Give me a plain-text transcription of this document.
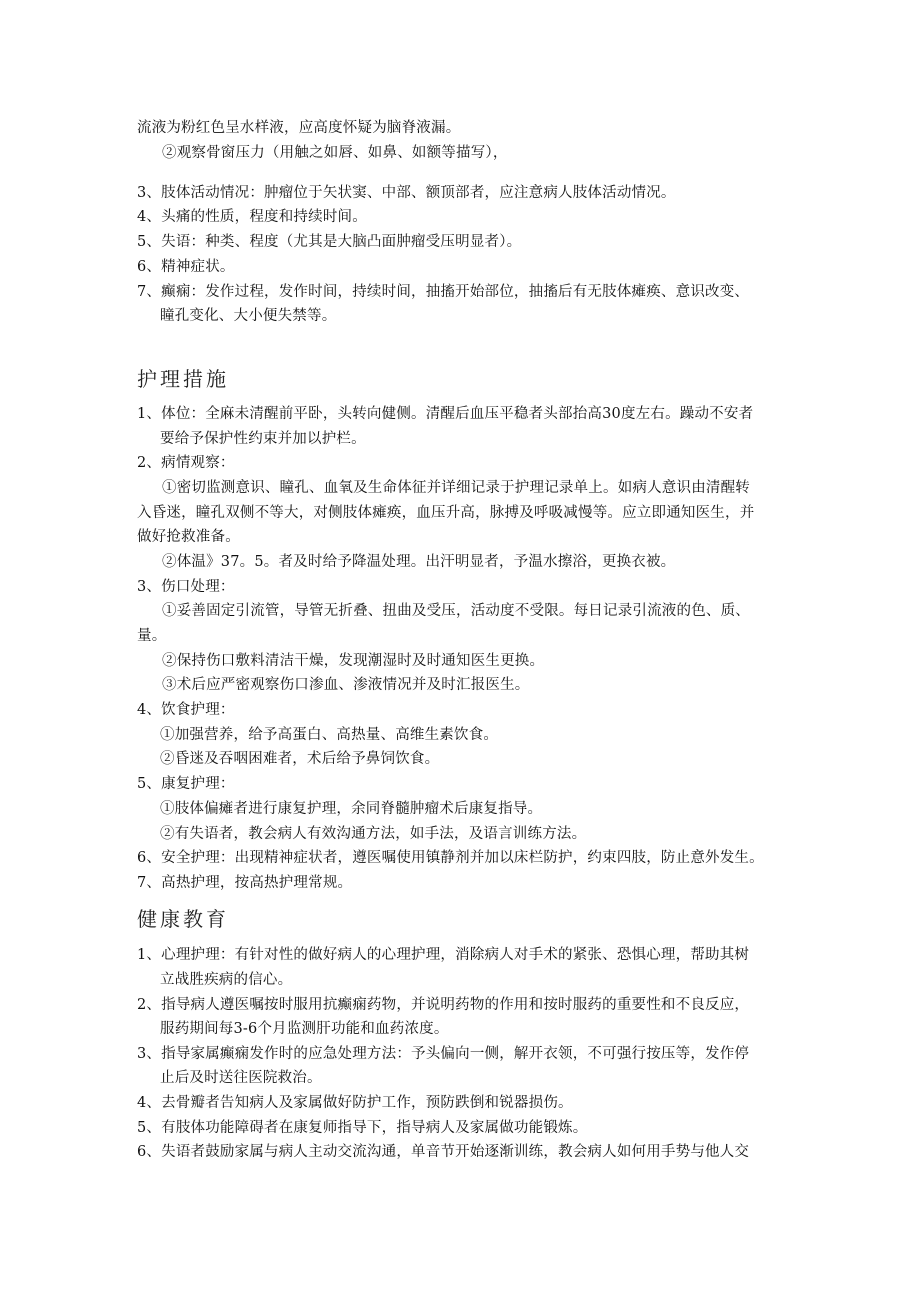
流液为粉红色呈水样液，应高度怀疑为脑脊液漏。
②观察骨窗压力（用触之如唇、如鼻、如额等描写），
3、肢体活动情况：肿瘤位于矢状窦、中部、额顶部者，应注意病人肢体活动情况。
4、头痛的性质，程度和持续时间。
5、失语：种类、程度（尤其是大脑凸面肿瘤受压明显者）。
6、精神症状。
7、癫痫：发作过程，发作时间，持续时间，抽搐开始部位，抽搐后有无肢体瘫痪、意识改变、
瞳孔变化、大小便失禁等。
护理措施
1、体位：全麻未清醒前平卧，头转向健侧。清醒后血压平稳者头部抬高30度左右。躁动不安者
要给予保护性约束并加以护栏。
2、病情观察：
①密切监测意识、瞳孔、血氧及生命体征并详细记录于护理记录单上。如病人意识由清醒转
入昏迷，瞳孔双侧不等大，对侧肢体瘫痪，血压升高，脉搏及呼吸减慢等。应立即通知医生，并
做好抢救准备。
②体温》37。5。者及时给予降温处理。出汗明显者，予温水擦浴，更换衣被。
3、伤口处理：
①妥善固定引流管，导管无折叠、扭曲及受压，活动度不受限。每日记录引流液的色、质、
量。
②保持伤口敷料清洁干燥，发现潮湿时及时通知医生更换。
③术后应严密观察伤口渗血、渗液情况并及时汇报医生。
4、饮食护理：
①加强营养，给予高蛋白、高热量、高维生素饮食。
②昏迷及吞咽困难者，术后给予鼻饲饮食。
5、康复护理：
①肢体偏瘫者进行康复护理，余同脊髓肿瘤术后康复指导。
②有失语者，教会病人有效沟通方法，如手法，及语言训练方法。
6、安全护理：出现精神症状者，遵医嘱使用镇静剂并加以床栏防护，约束四肢，防止意外发生。
7、高热护理，按高热护理常规。
健康教育
1、心理护理：有针对性的做好病人的心理护理，消除病人对手术的紧张、恐惧心理，帮助其树
立战胜疾病的信心。
2、指导病人遵医嘱按时服用抗癫痫药物，并说明药物的作用和按时服药的重要性和不良反应，
服药期间每3-6个月监测肝功能和血药浓度。
3、指导家属癫痫发作时的应急处理方法：予头偏向一侧，解开衣领，不可强行按压等，发作停
止后及时送往医院救治。
4、去骨瓣者告知病人及家属做好防护工作，预防跌倒和锐器损伤。
5、有肢体功能障碍者在康复师指导下，指导病人及家属做功能锻炼。
6、失语者鼓励家属与病人主动交流沟通，单音节开始逐渐训练，教会病人如何用手势与他人交
